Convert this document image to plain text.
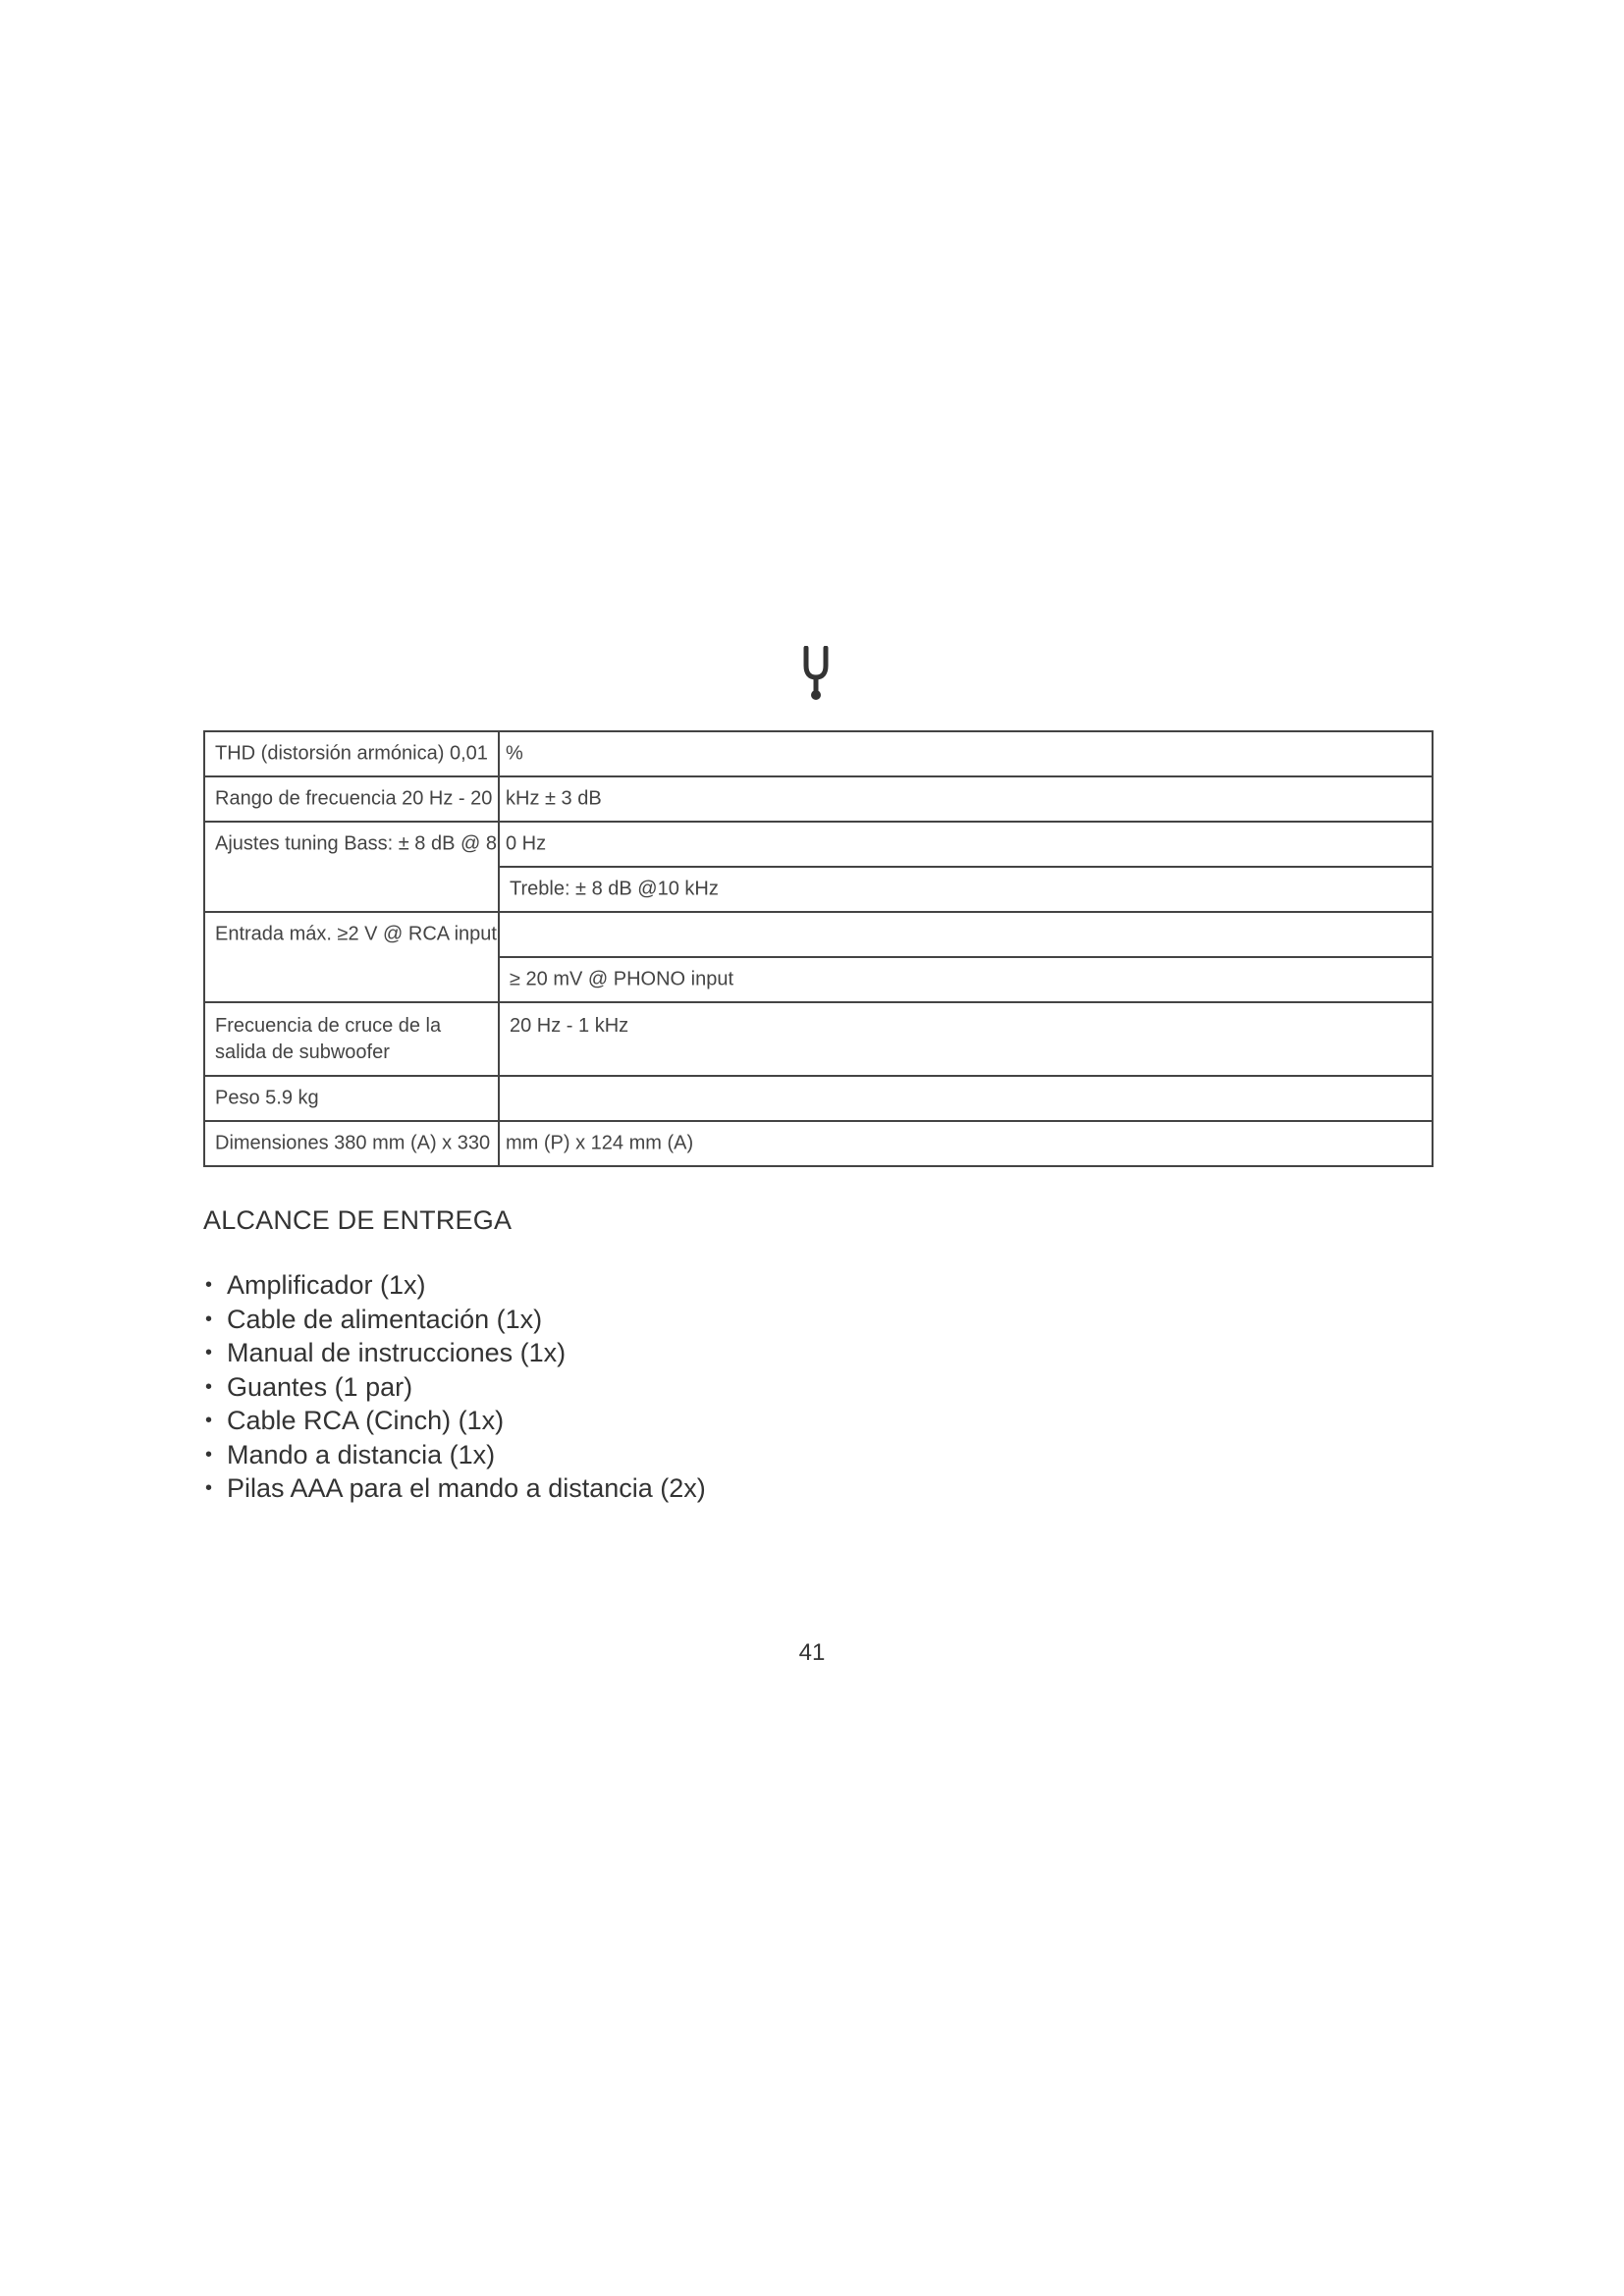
THD (distorsión armónica) 0,01 %
Rango de frecuencia 20 Hz - 20 kHz ± 3 dB
Ajustes tuning Bass: ± 8 dB @ 8 0 Hz
Treble: ± 8 dB @10 kHz
Entrada máx. ≥2 V @ RCA input
≥ 20 mV @ PHONO input
Frecuencia de cruce de la salida de subwoofer
20 Hz - 1 kHz
Peso 5.9 kg
Dimensiones 380 mm (A) x 330 mm (P) x 124 mm (A)
ALCANCE DE ENTREGA
• Amplificador (1x)
• Cable de alimentación (1x)
• Manual de instrucciones (1x)
• Guantes (1 par)
• Cable RCA (Cinch) (1x)
• Mando a distancia (1x)
• Pilas AAA para el mando a distancia (2x)
41
